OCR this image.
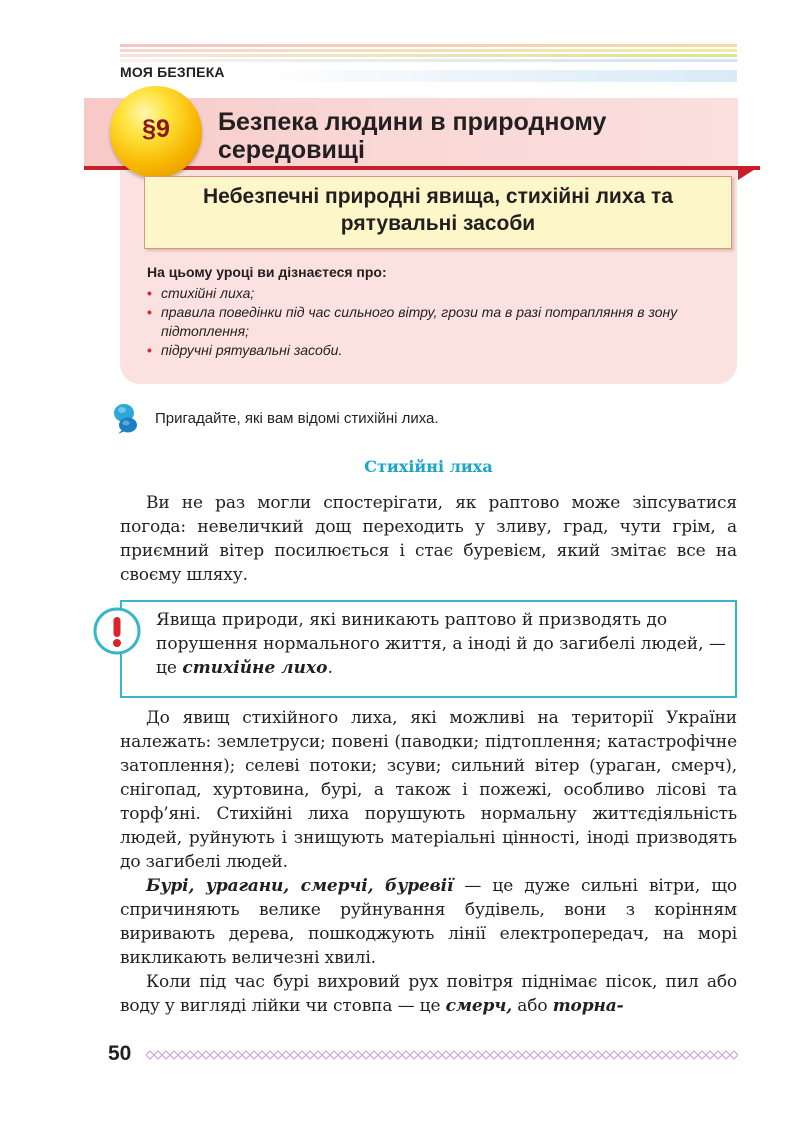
МОЯ БЕЗПЕКА
§9 Безпека людини в природному середовищі
Небезпечні природні явища, стихійні лиха та рятувальні засоби
На цьому уроці ви дізнаєтеся про:
• стихійні лиха;
• правила поведінки під час сильного вітру, грози та в разі потрапляння в зону підтоплення;
• підручні рятувальні засоби.
Пригадайте, які вам відомі стихійні лиха.
Стихійні лиха

Ви не раз могли спостерігати, як раптово може зіпсуватися погода: невеличкий дощ переходить у зливу, град, чути грім, а приємний вітер посилюється і стає буревієм, який змітає все на своєму шляху.

Явища природи, які виникають раптово й призводять до порушення нормального життя, а іноді й до загибелі людей, — це стихійне лихо.

До явищ стихійного лиха, які можливі на території України належать: землетруси; повені (паводки; підтоплення; катастрофічне затоплення); селеві потоки; зсуви; сильний вітер (ураган, смерч), снігопад, хуртовина, бурі, а також і пожежі, особливо лісові та торф’яні. Стихійні лиха порушують нормальну життєдіяльність людей, руйнують і знищують матеріальні цінності, іноді призводять до загибелі людей.

Бурі, урагани, смерчі, буревії — це дуже сильні вітри, що спричиняють велике руйнування будівель, вони з корінням виривають дерева, пошкоджують лінії електропередач, на морі викликають величезні хвилі.

Коли під час бурі вихровий рух повітря піднімає пісок, пил або воду у вигляді лійки чи стовпа — це смерч, або торна-

50
